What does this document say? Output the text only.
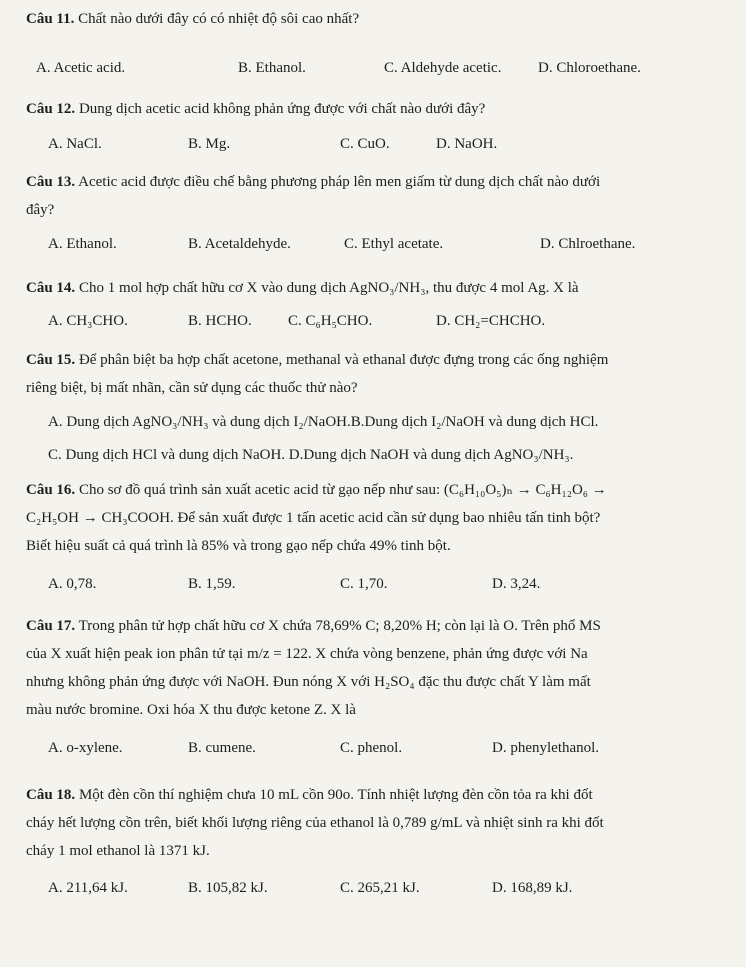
Câu 11. Chất nào dưới đây có có nhiệt độ sôi cao nhất?
A. Acetic acid.	B. Ethanol.	C. Aldehyde acetic. D. Chloroethane.
Câu 12. Dung dịch acetic acid không phản ứng được với chất nào dưới đây?
A. NaCl.	B. Mg.	C. CuO.	D. NaOH.
Câu 13. Acetic acid được điều chế bằng phương pháp lên men giấm từ dung dịch chất nào dưới
đây?
A. Ethanol.	B. Acetaldehyde.	C. Ethyl acetate.	D. Chlroethane.
Câu 14. Cho 1 mol hợp chất hữu cơ X vào dung dịch AgNO₃/NH₃, thu được 4 mol Ag. X là
A. CH₃CHO.	B. HCHO. C. C₆H₅CHO.	D. CH₂=CHCHO.
Câu 15. Để phân biệt ba hợp chất acetone, methanal và ethanal được đựng trong các ống nghiệm
riêng biệt, bị mất nhãn, cần sử dụng các thuốc thử nào?
A. Dung dịch AgNO₃/NH₃ và dung dịch I₂/NaOH.B.Dung dịch I₂/NaOH và dung dịch HCl.
C. Dung dịch HCl và dung dịch NaOH. D.Dung dịch NaOH và dung dịch AgNO₃/NH₃.
Câu 16. Cho sơ đồ quá trình sản xuất acetic acid từ gạo nếp như sau: (C₆H₁₀O₅)ₙ → C₆H₁₂O₆ →
C₂H₅OH → CH₃COOH. Để sản xuất được 1 tấn acetic acid cần sử dụng bao nhiêu tấn tinh bột?
Biết hiệu suất cả quá trình là 85% và trong gạo nếp chứa 49% tinh bột.
A. 0,78.	B. 1,59.	C. 1,70.	D. 3,24.
Câu 17. Trong phân tử hợp chất hữu cơ X chứa 78,69% C; 8,20% H; còn lại là O. Trên phổ MS
của X xuất hiện peak ion phân tử tại m/z = 122. X chứa vòng benzene, phản ứng được với Na
nhưng không phản ứng được với NaOH. Đun nóng X với H₂SO₄ đặc thu được chất Y làm mất
màu nước bromine. Oxi hóa X thu được ketone Z. X là
A. o-xylene.	B. cumene.	C. phenol.	D. phenylethanol.
Câu 18. Một đèn cồn thí nghiệm chưa 10 mL cồn 90o. Tính nhiệt lượng đèn cồn tỏa ra khi đốt
cháy hết lượng cồn trên, biết khối lượng riêng của ethanol là 0,789 g/mL và nhiệt sinh ra khi đốt
cháy 1 mol ethanol là 1371 kJ.
A. 211,64 kJ.	B. 105,82 kJ.	C. 265,21 kJ.	D. 168,89 kJ.
